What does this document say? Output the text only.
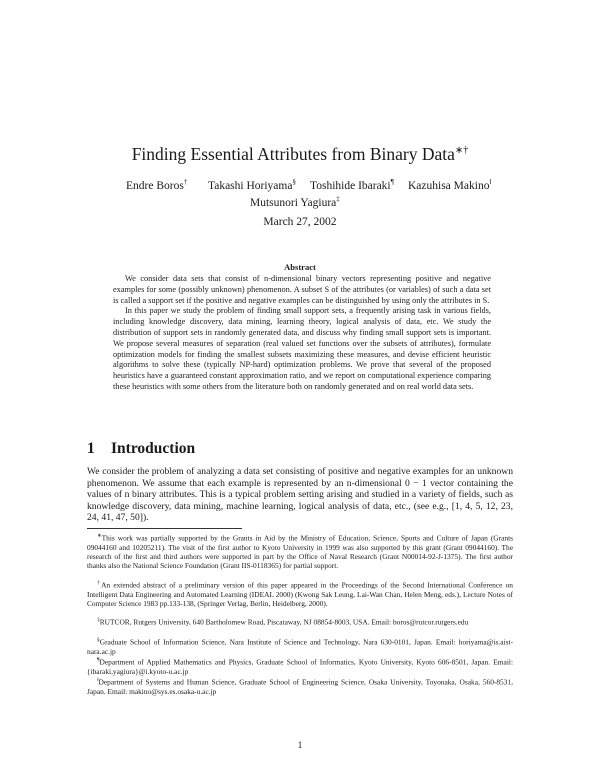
Finding Essential Attributes from Binary Data∗†
Endre Boros† Takashi Horiyama§ Toshihide Ibaraki¶ Kazuhisa Makino‖
Mutsunori Yagiura‡
March 27, 2002
Abstract

We consider data sets that consist of n-dimensional binary vectors representing positive and negative examples for some (possibly unknown) phenomenon. A subset S of the attributes (or variables) of such a data set is called a support set if the positive and negative examples can be distinguished by using only the attributes in S.

In this paper we study the problem of finding small support sets, a frequently arising task in various fields, including knowledge discovery, data mining, learning theory, logical analysis of data, etc. We study the distribution of support sets in randomly generated data, and discuss why finding small support sets is important. We propose several measures of separation (real valued set functions over the subsets of attributes), formulate optimization models for finding the smallest subsets maximizing these measures, and devise efficient heuristic algorithms to solve these (typically NP-hard) optimization problems. We prove that several of the proposed heuristics have a guaranteed constant approximation ratio, and we report on computational experience comparing these heuristics with some others from the literature both on randomly generated and on real world data sets.

1 Introduction

We consider the problem of analyzing a data set consisting of positive and negative examples for an unknown phenomenon. We assume that each example is represented by an n-dimensional 0 − 1 vector containing the values of n binary attributes. This is a typical problem setting arising and studied in a variety of fields, such as knowledge discovery, data mining, machine learning, logical analysis of data, etc., (see e.g., [1, 4, 5, 12, 23, 24, 41, 47, 50]).

∗This work was partially supported by the Grants in Aid by the Ministry of Education, Science, Sports and Culture of Japan (Grants 09044160 and 10205211). The visit of the first author to Kyoto University in 1999 was also supported by this grant (Grant 09044160). The research of the first and third authors were supported in part by the Office of Naval Research (Grant N00014-92-J-1375). The first author thanks also the National Science Foundation (Grant IIS-0118365) for partial support.

†An extended abstract of a preliminary version of this paper appeared in the Proceedings of the Second International Conference on Intelligent Data Engineering and Automated Learning (IDEAL 2000) (Kwong Sak Leung, Lai-Wan Chan, Helen Meng, eds.), Lecture Notes of Computer Science 1983 pp.133-138, (Springer Verlag, Berlin, Heidelberg, 2000).

‡RUTCOR, Rutgers University, 640 Bartholomew Road, Piscataway, NJ 08854-8003, USA. Email: boros@rutcor.rutgers.edu

§Graduate School of Information Science, Nara Institute of Science and Technology, Nara 630-0101, Japan. Email: horiyama@is.aist-nara.ac.jp

¶Department of Applied Mathematics and Physics, Graduate School of Informatics, Kyoto University, Kyoto 606-8501, Japan. Email: {ibaraki,yagiura}@i.kyoto-u.ac.jp

‖Department of Systems and Human Science, Graduate School of Engineering Science, Osaka University, Toyonaka, Osaka, 560-8531, Japan. Email: makino@sys.es.osaka-u.ac.jp

1
